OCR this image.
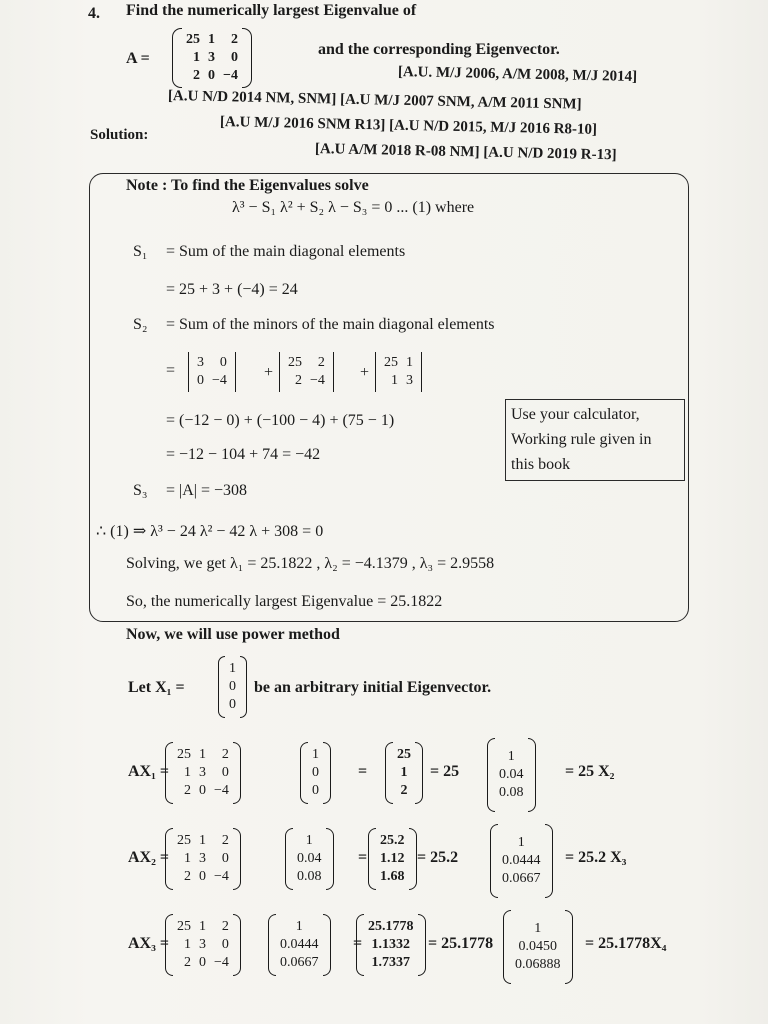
4. Find the numerically largest Eigenvalue of
A =
25	1	2
1	3	0
2	0	−4
and the corresponding Eigenvector.
[A.U. M/J 2006, A/M 2008, M/J 2014]
[A.U N/D 2014 NM, SNM] [A.U M/J 2007 SNM, A/M 2011 SNM]
[A.U M/J 2016 SNM R13] [A.U N/D 2015, M/J 2016 R8-10]
[A.U A/M 2018 R-08 NM] [A.U N/D 2019 R-13]
Solution:
Note : To find the Eigenvalues solve
λ³ − S₁ λ² + S₂ λ − S₃ = 0 ... (1) where
S₁ = Sum of the main diagonal elements
= 25 + 3 + (−4) = 24
S₂ = Sum of the minors of the main diagonal elements
= 3	0
0	−4 +
25	2
2	−4 +
25	1
1	3
= (−12 − 0) + (−100 − 4) + (75 − 1)
= −12 − 104 + 74 = −42
Use your calculator,
Working rule given in
this book
S₃ = |A| = −308
∴ (1) ⇒ λ³ − 24 λ² − 42 λ + 308 = 0
Solving, we get λ₁ = 25.1822 , λ₂ = −4.1379 , λ₃ = 2.9558
So, the numerically largest Eigenvalue = 25.1822
Now, we will use power method
Let X₁ =
1
0
0
be an arbitrary initial Eigenvector.
AX₁ =
25	1	2
1	3	0
2	0	−4
1
0
0
=
25
1
2
= 25
1
0.04
0.08
= 25 X₂
AX₂ =
25	1	2
1	3	0
2	0	−4
1
0.04
0.08
=
25.2
1.12
1.68
= 25.2
1
0.0444
0.0667
= 25.2 X₃
AX₃ =
25	1	2
1	3	0
2	0	−4
1
0.0444
0.0667
=
25.1778
1.1332
1.7337
= 25.1778
1
0.0450
0.06888
= 25.1778X₄
